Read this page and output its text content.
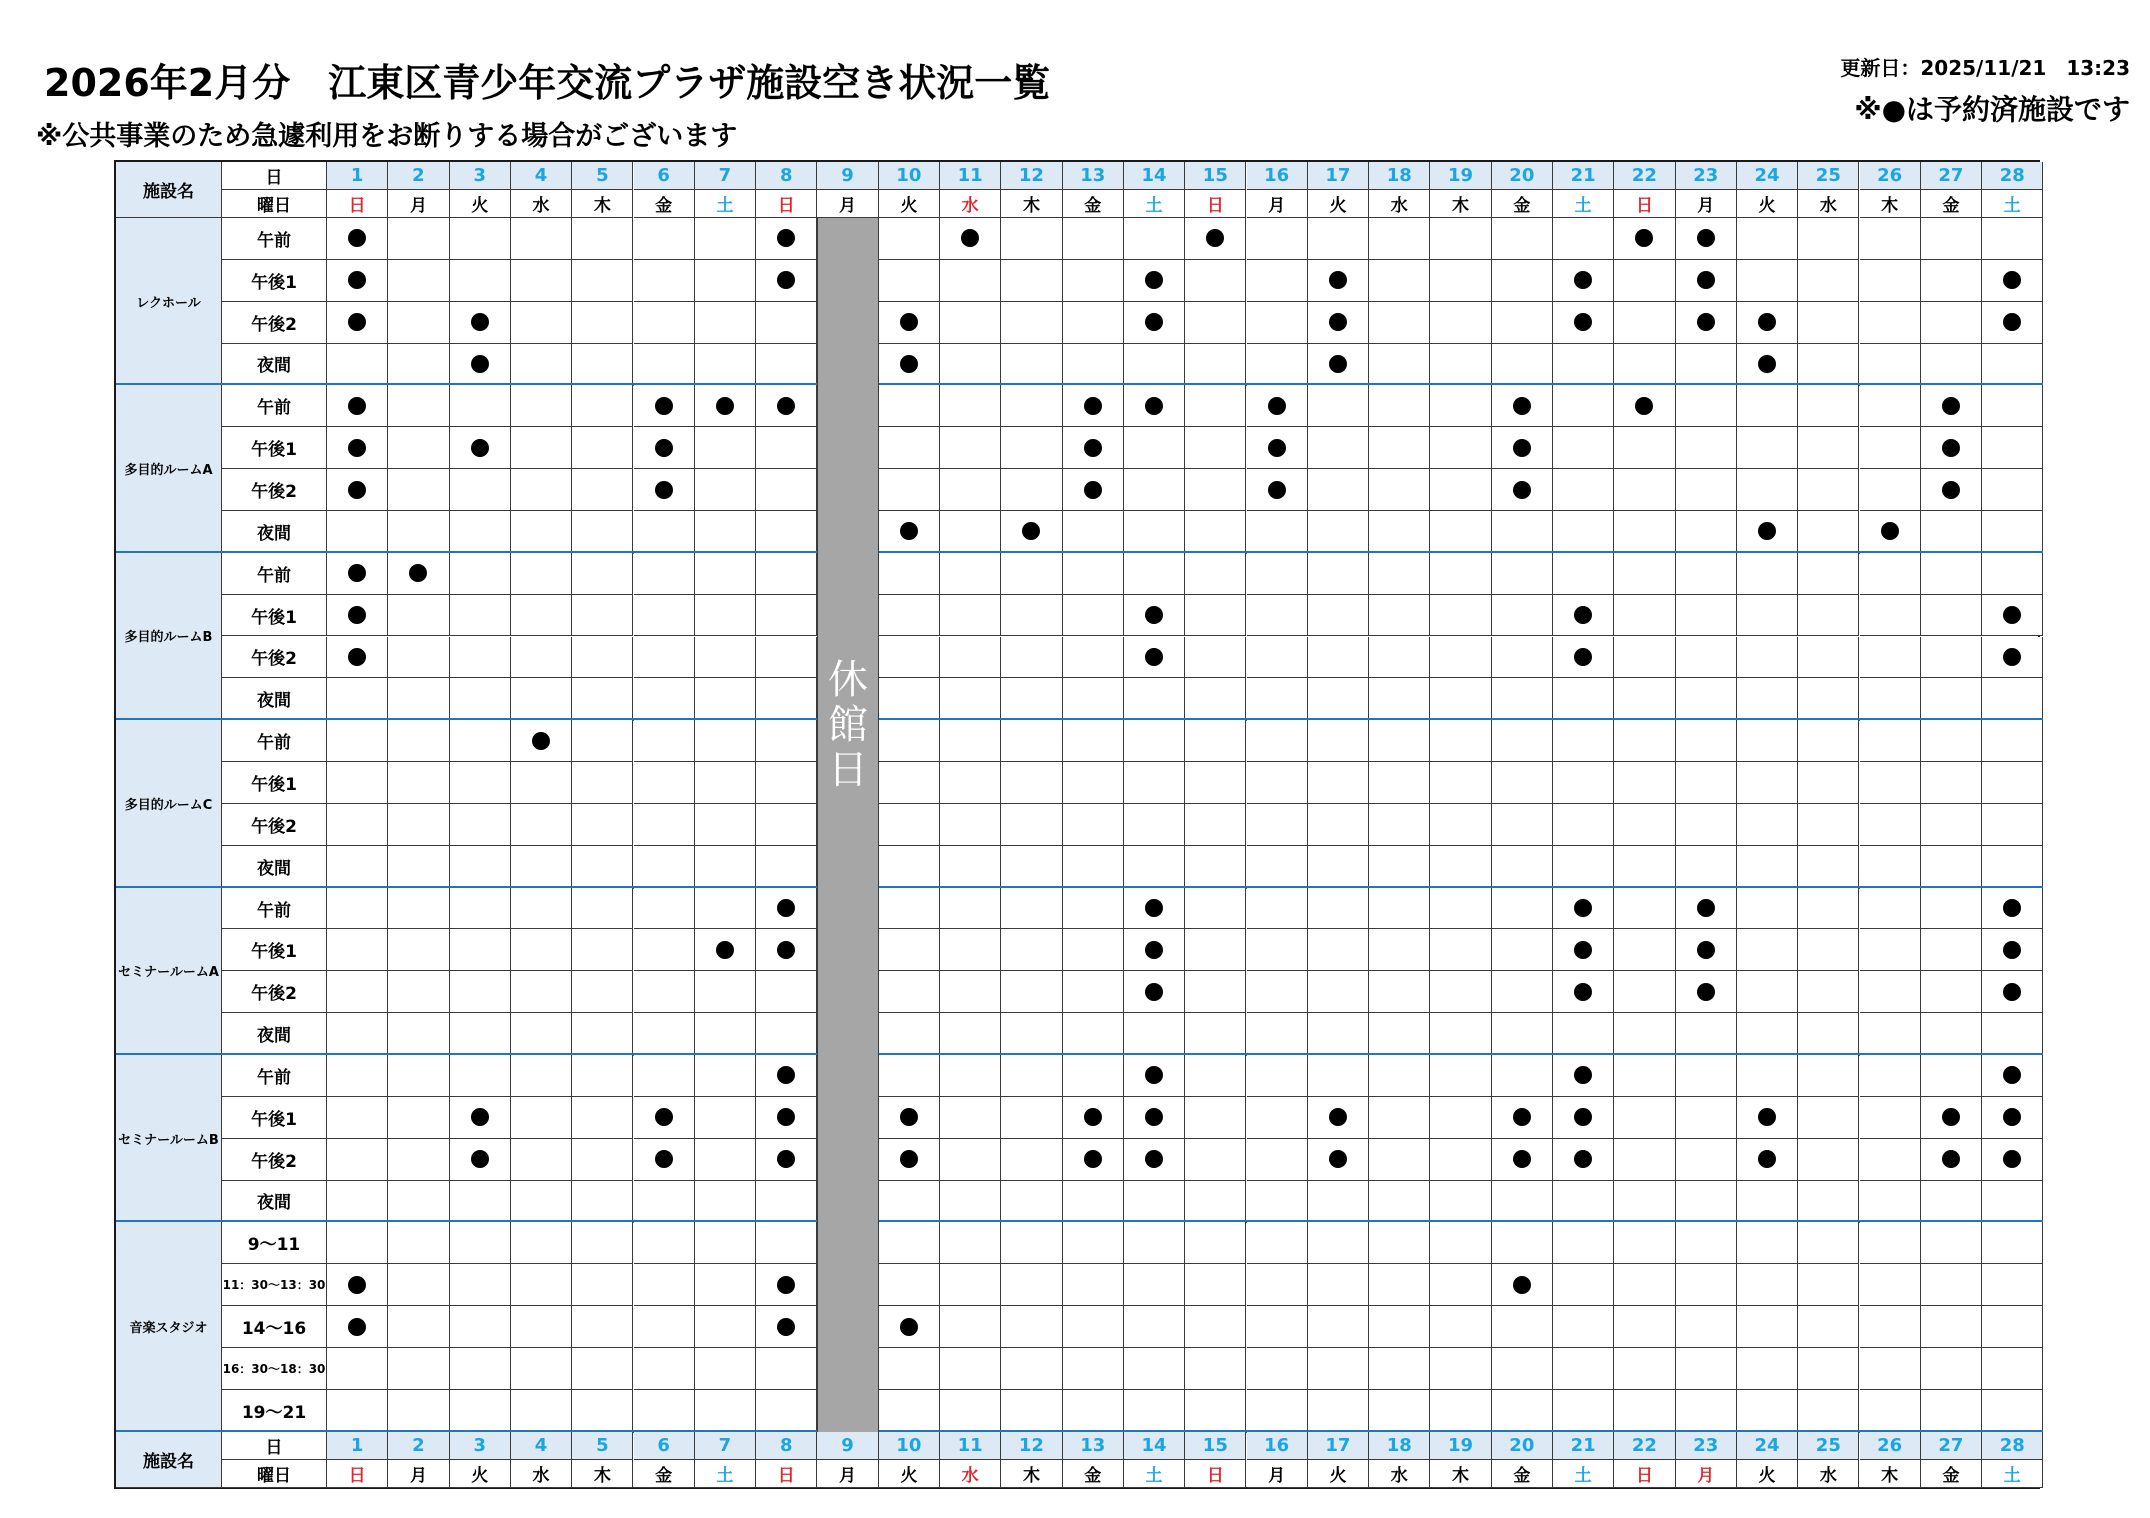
2026年2月分　江東区青少年交流プラザ施設空き状況一覧
※公共事業のため急遽利用をお断りする場合がございます
更新日：2025/11/21　13:23
※●は予約済施設です
施設名
日
曜日
1
日
2
月
3
火
4
水
5
木
6
金
7
土
8
日
9
月
10
火
11
水
12
木
13
金
14
土
15
日
16
月
17
火
18
水
19
木
20
金
21
土
22
日
23
月
24
火
25
水
26
木
27
金
28
土
レクホール
午前
午後1
午後2
夜間
多目的ルームA
午前
午後1
午後2
夜間
多目的ルームB
午前
午後1
午後2
夜間
多目的ルームC
午前
午後1
午後2
夜間
セミナールームA
午前
午後1
午後2
夜間
セミナールームB
午前
午後1
午後2
夜間
音楽スタジオ
9～11
11：30～13：30
14～16
16：30～18：30
19～21
休
館
日
施設名
日
曜日
1
日
2
月
3
火
4
水
5
木
6
金
7
土
8
日
9
月
10
火
11
水
12
木
13
金
14
土
15
日
16
月
17
火
18
水
19
木
20
金
21
土
22
日
23
月
24
火
25
水
26
木
27
金
28
土
